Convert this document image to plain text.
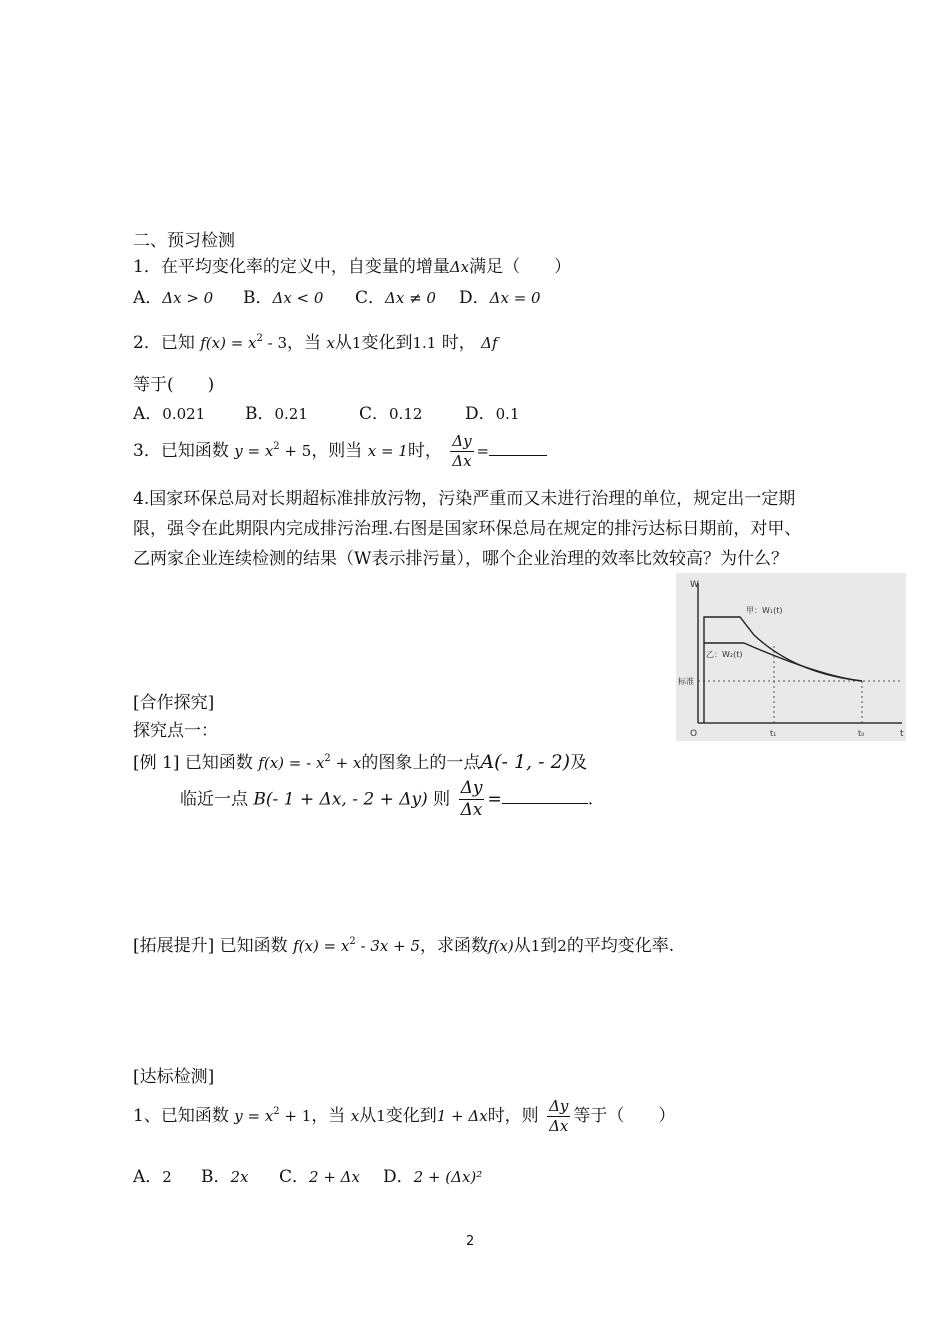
二、预习检测
1．在平均变化率的定义中，自变量的增量Δx满足（　　）
A．Δx > 0 B．Δx < 0 C．Δx ≠ 0 D．Δx = 0
2．已知 $f(x) = x^2 - 3$，当 x从1变化到1.1 时， Δf
等于(　　)
A．0.021 B．0.21	C．0.12	D．0.1
3．已知函数 $y = x^2 + 5$，则当 x = 1时， $\frac{\Delta y}{\Delta x}$ =
4.国家环保总局对长期超标准排放污物，污染严重而又未进行治理的单位，规定出一定期
限，强令在此期限内完成排污治理.右图是国家环保总局在规定的排污达标日期前，对甲、
乙两家企业连续检测的结果（W表示排污量），哪个企业治理的效率比效较高？为什么？
W
O	t
t₁	t₀
甲：W₁(t)
乙：W₂(t)
标准
[合作探究]
探究点一：
[例 1] 已知函数 f(x) = - $x^2 + x$的图象上的一点A(- 1, - 2)及
临近一点 B(- 1 + Δx, - 2 + Δy) 则 $\frac{\Delta y}{\Delta x}$ =	.
[拓展提升] 已知函数 $f(x) = x^2 - 3x + 5$，求函数f(x)从1到2的平均变化率.
[达标检测]
1、已知函数 $y = x^2 + 1$，当 x从1变化到1 + Δx时，则 $\frac{\Delta y}{\Delta x}$ 等于（　　）
A．2 B．2x C．2 + Δx D．2 + (Δx)²
2
